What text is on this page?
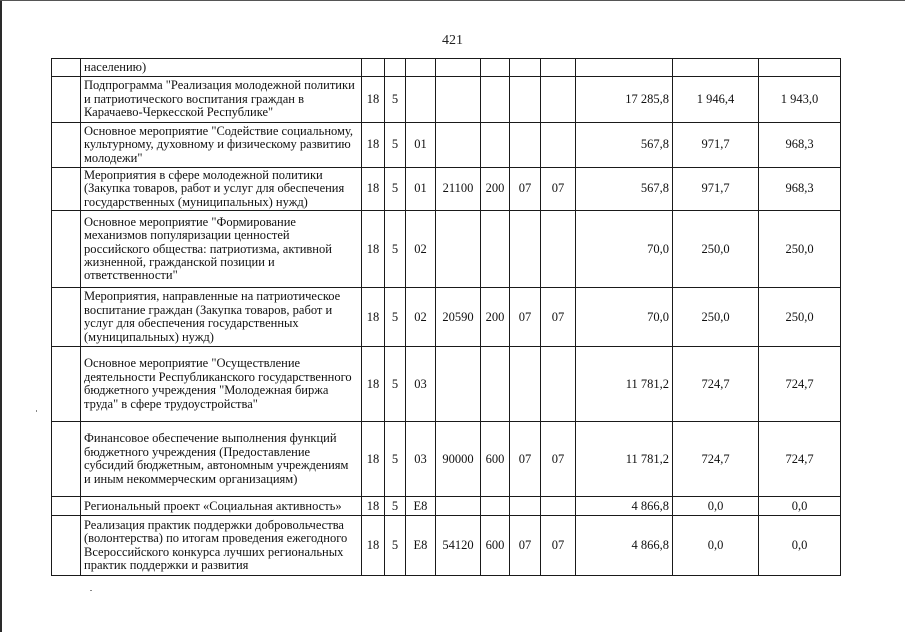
421
	населению)										
	Подпрограмма "Реализация молодежной политики и патриотического воспитания граждан в Карачаево-Черкесской Республике"	18	5						17 285,8	1 946,4	1 943,0
	Основное мероприятие "Содействие социальному, культурному, духовному и физическому развитию молодежи"	18	5	01					567,8	971,7	968,3
	Мероприятия в сфере молодежной политики (Закупка товаров, работ и услуг для обеспечения государственных (муниципальных) нужд)	18	5	01	21100	200	07	07	567,8	971,7	968,3
	Основное мероприятие "Формирование механизмов популяризации ценностей российского общества: патриотизма, активной жизненной, гражданской позиции и ответственности"	18	5	02					70,0	250,0	250,0
	Мероприятия, направленные на патриотическое воспитание граждан (Закупка товаров, работ и услуг для обеспечения государственных (муниципальных) нужд)	18	5	02	20590	200	07	07	70,0	250,0	250,0
	Основное мероприятие "Осуществление деятельности Республиканского государственного бюджетного учреждения "Молодежная биржа труда" в сфере трудоустройства"	18	5	03					11 781,2	724,7	724,7
	Финансовое обеспечение выполнения функций бюджетного учреждения (Предоставление субсидий бюджетным, автономным учреждениям и иным некоммерческим организациям)	18	5	03	90000	600	07	07	11 781,2	724,7	724,7
	Региональный проект «Социальная активность»	18	5	E8					4 866,8	0,0	0,0
	Реализация практик поддержки добровольчества (волонтерства) по итогам проведения ежегодного Всероссийского конкурса лучших региональных практик поддержки и развития	18	5	E8	54120	600	07	07	4 866,8	0,0	0,0
